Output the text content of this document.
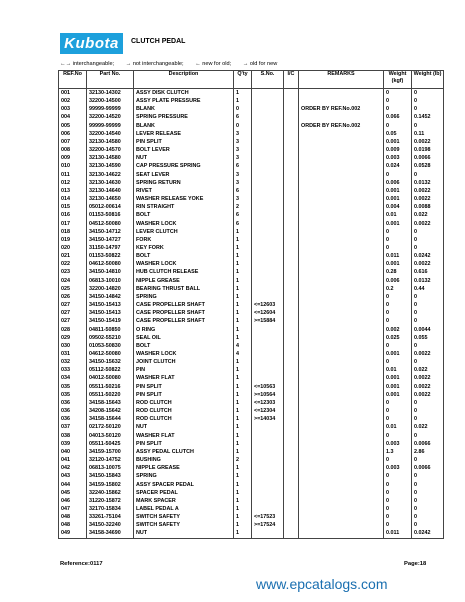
Kubota	CLUTCH PEDAL
←→ interchangeable; → not interchangeable; ← new for old; → old for new
REF.No	Part No.	Description	Q'ty	S.No.	I/C	REMARKS	Weight (kgf)	Weight (lb)
001	32130-14302	ASSY DISK CLUTCH	1				0	0
002	32200-14500	ASSY PLATE PRESSURE	1				0	0
003	99999-99999	BLANK	0			ORDER BY REF.No.002	0	0
004	32200-14520	SPRING PRESSURE	6				0.066	0.1452
005	99999-99999	BLANK	0			ORDER BY REF.No.002	0	0
006	32200-14540	LEVER RELEASE	3				0.05	0.11
007	32130-14580	PIN SPLIT	3				0.001	0.0022
008	32200-14570	BOLT LEVER	3				0.009	0.0198
009	32130-14580	NUT	3				0.003	0.0066
010	32130-14590	CAP PRESSURE SPRING	6				0.024	0.0528
011	32130-14622	SEAT LEVER	3				0	0
012	32130-14630	SPRING RETURN	3				0.006	0.0132
013	32130-14640	RIVET	6				0.001	0.0022
014	32130-14650	WASHER RELEASE YOKE	3				0.001	0.0022
015	05012-00614	RIN STRAIGHT	2				0.004	0.0088
016	01153-50816	BOLT	6				0.01	0.022
017	04512-50080	WASHER LOCK	6				0.001	0.0022
018	34150-14712	LEVER CLUTCH	1				0	0
019	34150-14727	FORK	1				0	0
020	31150-14797	KEY FORK	1				0	0
021	01153-50822	BOLT	1				0.011	0.0242
022	04612-50080	WASHER LOCK	1				0.001	0.0022
023	34150-14810	HUB CLUTCH RELEASE	1				0.28	0.616
024	06813-10010	NIPPLE GREASE	1				0.006	0.0132
025	32200-14820	BEARING THRUST BALL	1				0.2	0.44
026	34150-14842	SPRING	1				0	0
027	34150-15413	CASE PROPELLER SHAFT	1	<=12603			0	0
027	34150-15413	CASE PROPELLER SHAFT	1	<=12604			0	0
027	34150-15419	CASE PROPELLER SHAFT	1	>=15884			0	0
028	04811-50850	O RING	1				0.002	0.0044
029	09502-55210	SEAL OIL	1				0.025	0.055
030	01053-50830	BOLT	4				0	0
031	04612-50080	WASHER LOCK	4				0.001	0.0022
032	34150-15632	JOINT CLUTCH	1				0	0
033	05112-50822	PIN	1				0.01	0.022
034	04012-50080	WASHER FLAT	1				0.001	0.0022
035	05511-50216	PIN SPLIT	1	<=10563			0.001	0.0022
035	05511-50220	PIN SPLIT	1	>=10564			0.001	0.0022
036	34158-15643	ROD CLUTCH	1	<=12303			0	0
036	34208-15642	ROD CLUTCH	1	<=12304			0	0
036	34158-15644	ROD CLUTCH	1	>=14034			0	0
037	02172-50120	NUT	1				0.01	0.022
038	04013-50120	WASHER FLAT	1				0	0
039	05511-50425	PIN SPLIT	1				0.003	0.0066
040	34159-15700	ASSY PEDAL CLUTCH	1				1.3	2.86
041	32120-14752	BUSHING	2				0	0
042	06813-10075	NIPPLE GREASE	1				0.003	0.0066
043	34150-15843	SPRING	1				0	0
044	34159-15802	ASSY SPACER PEDAL	1				0	0
045	32240-15862	SPACER PEDAL	1				0	0
046	31220-15872	MARK SPACER	1				0	0
047	32170-15834	LABEL PEDAL A	1				0	0
048	33261-75104	SWITCH SAFETY	1	<=17523			0	0
048	34150-32240	SWITCH SAFETY	1	>=17524			0	0
049	34158-34690	NUT	1				0.011	0.0242
Reference:0117	Page:18
www.epcatalogs.com
